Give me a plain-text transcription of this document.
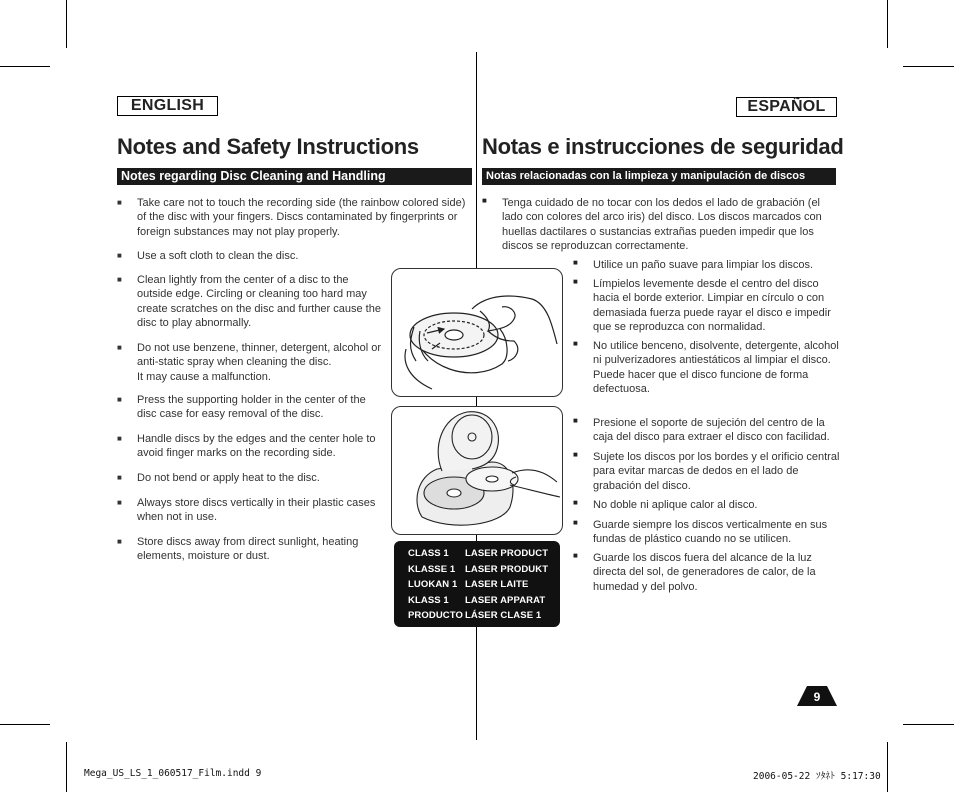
ENGLISH	ESPAÑOL
Notes and Safety Instructions	Notas e instrucciones de seguridad
Notes regarding Disc Cleaning and Handling	Notas relacionadas con la limpieza y manipulación de discos
■ Take care not to touch the recording side (the rainbow colored side) of the disc with your fingers. Discs contaminated by fingerprints or foreign substances may not play properly.
■ Use a soft cloth to clean the disc.
■ Clean lightly from the center of a disc to the outside edge. Circling or cleaning too hard may create scratches on the disc and further cause the disc to play abnormally.
■ Do not use benzene, thinner, detergent, alcohol or anti-static spray when cleaning the disc.
It may cause a malfunction.
■ Press the supporting holder in the center of the disc case for easy removal of the disc.
■ Handle discs by the edges and the center hole to avoid finger marks on the recording side.
■ Do not bend or apply heat to the disc.
■ Always store discs vertically in their plastic cases when not in use.
■ Store discs away from direct sunlight, heating elements, moisture or dust.
■ Tenga cuidado de no tocar con los dedos el lado de grabación (el lado con colores del arco iris) del disco. Los discos marcados con huellas dactilares o sustancias extrañas pueden impedir que los discos se reproduzcan correctamente.
■ Utilice un paño suave para limpiar los discos.
■ Límpielos levemente desde el centro del disco hacia el borde exterior. Limpiar en círculo o con demasiada fuerza puede rayar el disco e impedir que se reproduzca con normalidad.
■ No utilice benceno, disolvente, detergente, alcohol ni pulverizadores antiestáticos al limpiar el disco.
Puede hacer que el disco funcione de forma defectuosa.
■ Presione el soporte de sujeción del centro de la caja del disco para extraer el disco con facilidad.
■ Sujete los discos por los bordes y el orificio central para evitar marcas de dedos en el lado de grabación del disco.
■ No doble ni aplique calor al disco.
■ Guarde siempre los discos verticalmente en sus fundas de plástico cuando no se utilicen.
■ Guarde los discos fuera del alcance de la luz directa del sol, de generadores de calor, de la humedad y del polvo.
CLASS 1 LASER PRODUCT
KLASSE 1 LASER PRODUKT
LUOKAN 1 LASER LAITE
KLASS 1 LASER APPARAT
PRODUCTO LÁSER CLASE 1
9
Mega_US_LS_1_060517_Film.indd 9	2006-05-22 ｿﾀﾈﾄ 5:17:30
